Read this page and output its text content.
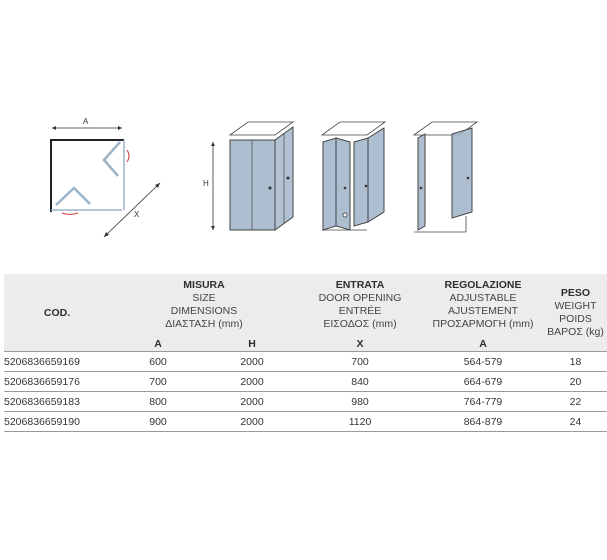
A
X
H
COD.	MISURA
SIZE
DIMENSIONS
ΔΙΑΣΤΑΣΗ (mm)		ENTRATA
DOOR OPENING
ENTRÉE
ΕΙΣΟΔΟΣ (mm)	REGOLAZIONE
ADJUSTABLE
AJUSTEMENT
ΠΡΟΣΑΡΜΟΓΗ (mm)	PESO
WEIGHT
POIDS
ΒΑΡΟΣ (kg)

	A	H	X	A	
5206836659169	600	2000	700	564-579	18
5206836659176	700	2000	840	664-679	20
5206836659183	800	2000	980	764-779	22
5206836659190	900	2000	1120	864-879	24
